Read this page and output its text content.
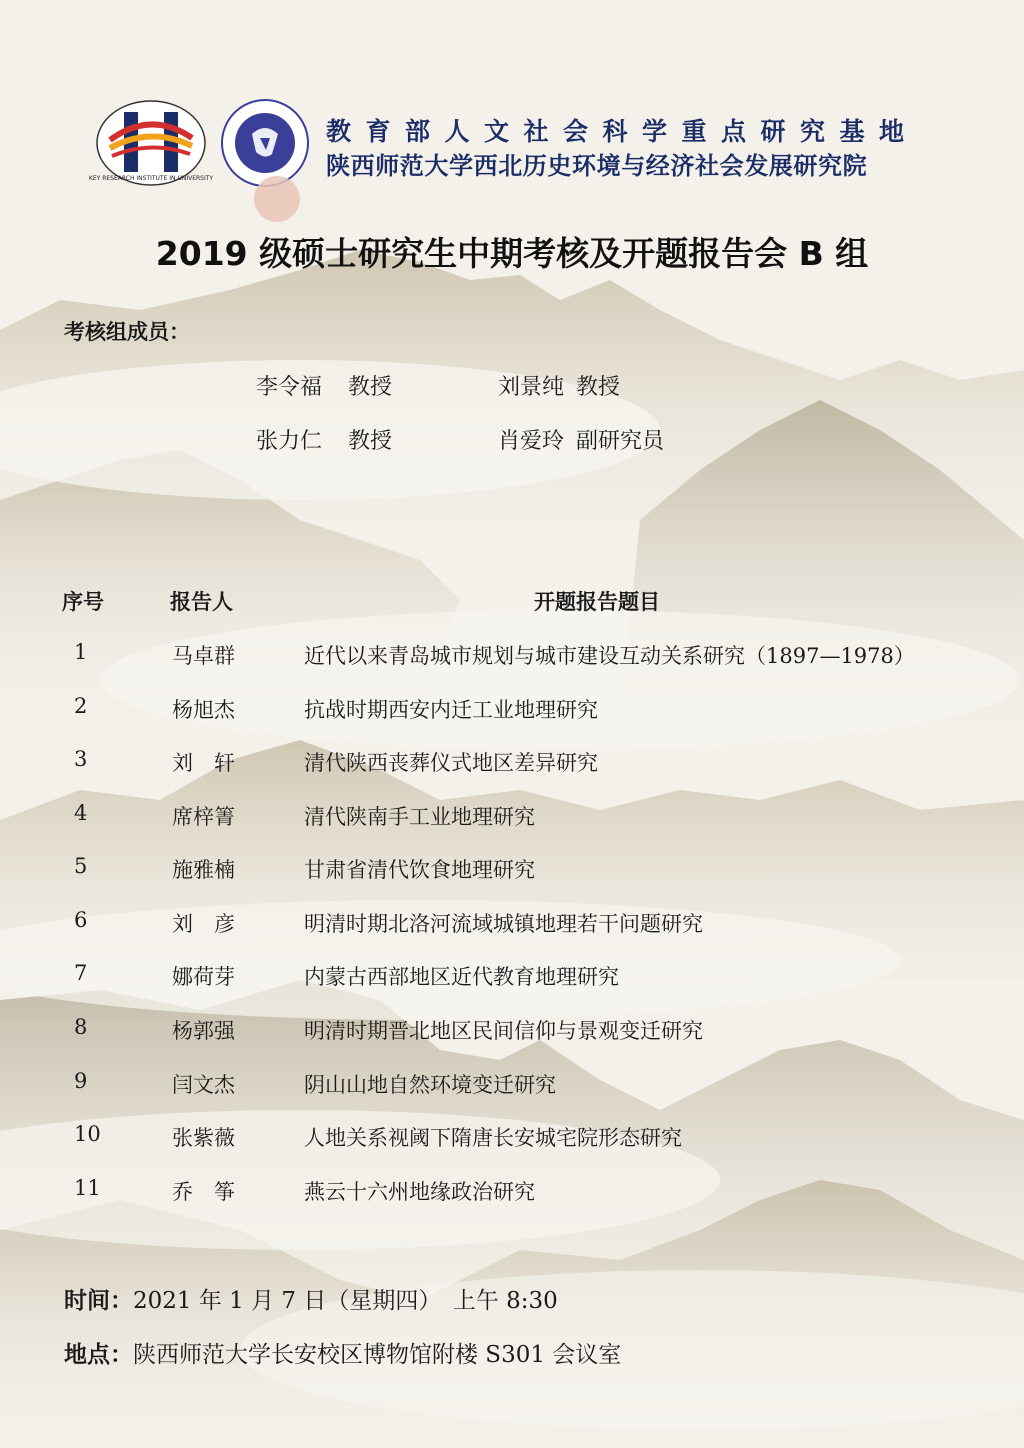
KEY RESEARCH INSTITUTE IN UNIVERSITY
教育部人文社会科学重点研究基地
陕西师范大学西北历史环境与经济社会发展研究院
2019 级硕士研究生中期考核及开题报告会 B 组
考核组成员：
李令福 教授	刘景纯 教授
张力仁 教授	肖爱玲 副研究员
序号	报告人	开题报告题目
1	马卓群	近代以来青岛城市规划与城市建设互动关系研究（1897—1978）
2	杨旭杰	抗战时期西安内迁工业地理研究
3	刘　轩	清代陕西丧葬仪式地区差异研究
4	席梓箐	清代陕南手工业地理研究
5	施雅楠	甘肃省清代饮食地理研究
6	刘　彦	明清时期北洛河流域城镇地理若干问题研究
7	娜荷芽	内蒙古西部地区近代教育地理研究
8	杨郭强	明清时期晋北地区民间信仰与景观变迁研究
9	闫文杰	阴山山地自然环境变迁研究
10	张紫薇	人地关系视阈下隋唐长安城宅院形态研究
11	乔　筝	燕云十六州地缘政治研究
时间：2021 年 1 月 7 日（星期四）　上午 8:30
地点：陕西师范大学长安校区博物馆附楼 S301 会议室
